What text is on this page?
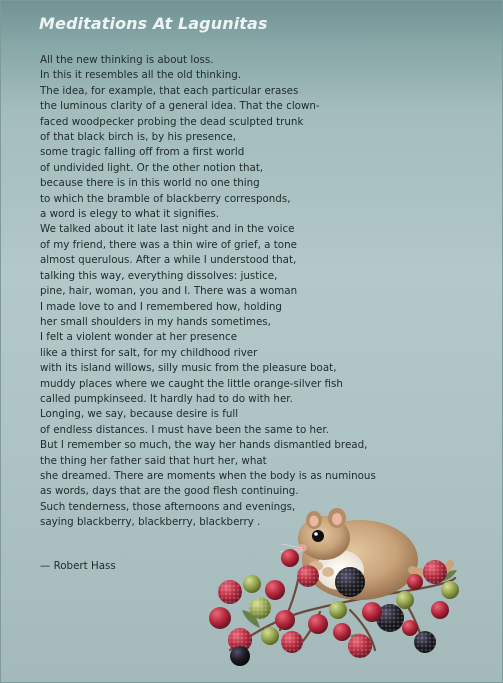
Meditations At Lagunitas
All the new thinking is about loss.
In this it resembles all the old thinking.
The idea, for example, that each particular erases
the luminous clarity of a general idea. That the clown-
faced woodpecker probing the dead sculpted trunk
of that black birch is, by his presence,
some tragic falling off from a first world
of undivided light. Or the other notion that,
because there is in this world no one thing
to which the bramble of blackberry corresponds,
a word is elegy to what it signifies.
We talked about it late last night and in the voice
of my friend, there was a thin wire of grief, a tone
almost querulous. After a while I understood that,
talking this way, everything dissolves: justice,
pine, hair, woman, you and I. There was a woman
I made love to and I remembered how, holding
her small shoulders in my hands sometimes,
I felt a violent wonder at her presence
like a thirst for salt, for my childhood river
with its island willows, silly music from the pleasure boat,
muddy places where we caught the little orange-silver fish
called pumpkinseed. It hardly had to do with her.
Longing, we say, because desire is full
of endless distances. I must have been the same to her.
But I remember so much, the way her hands dismantled bread,
the thing her father said that hurt her, what
she dreamed. There are moments when the body is as numinous
as words, days that are the good flesh continuing.
Such tenderness, those afternoons and evenings,
saying blackberry, blackberry, blackberry .

— Robert Hass
